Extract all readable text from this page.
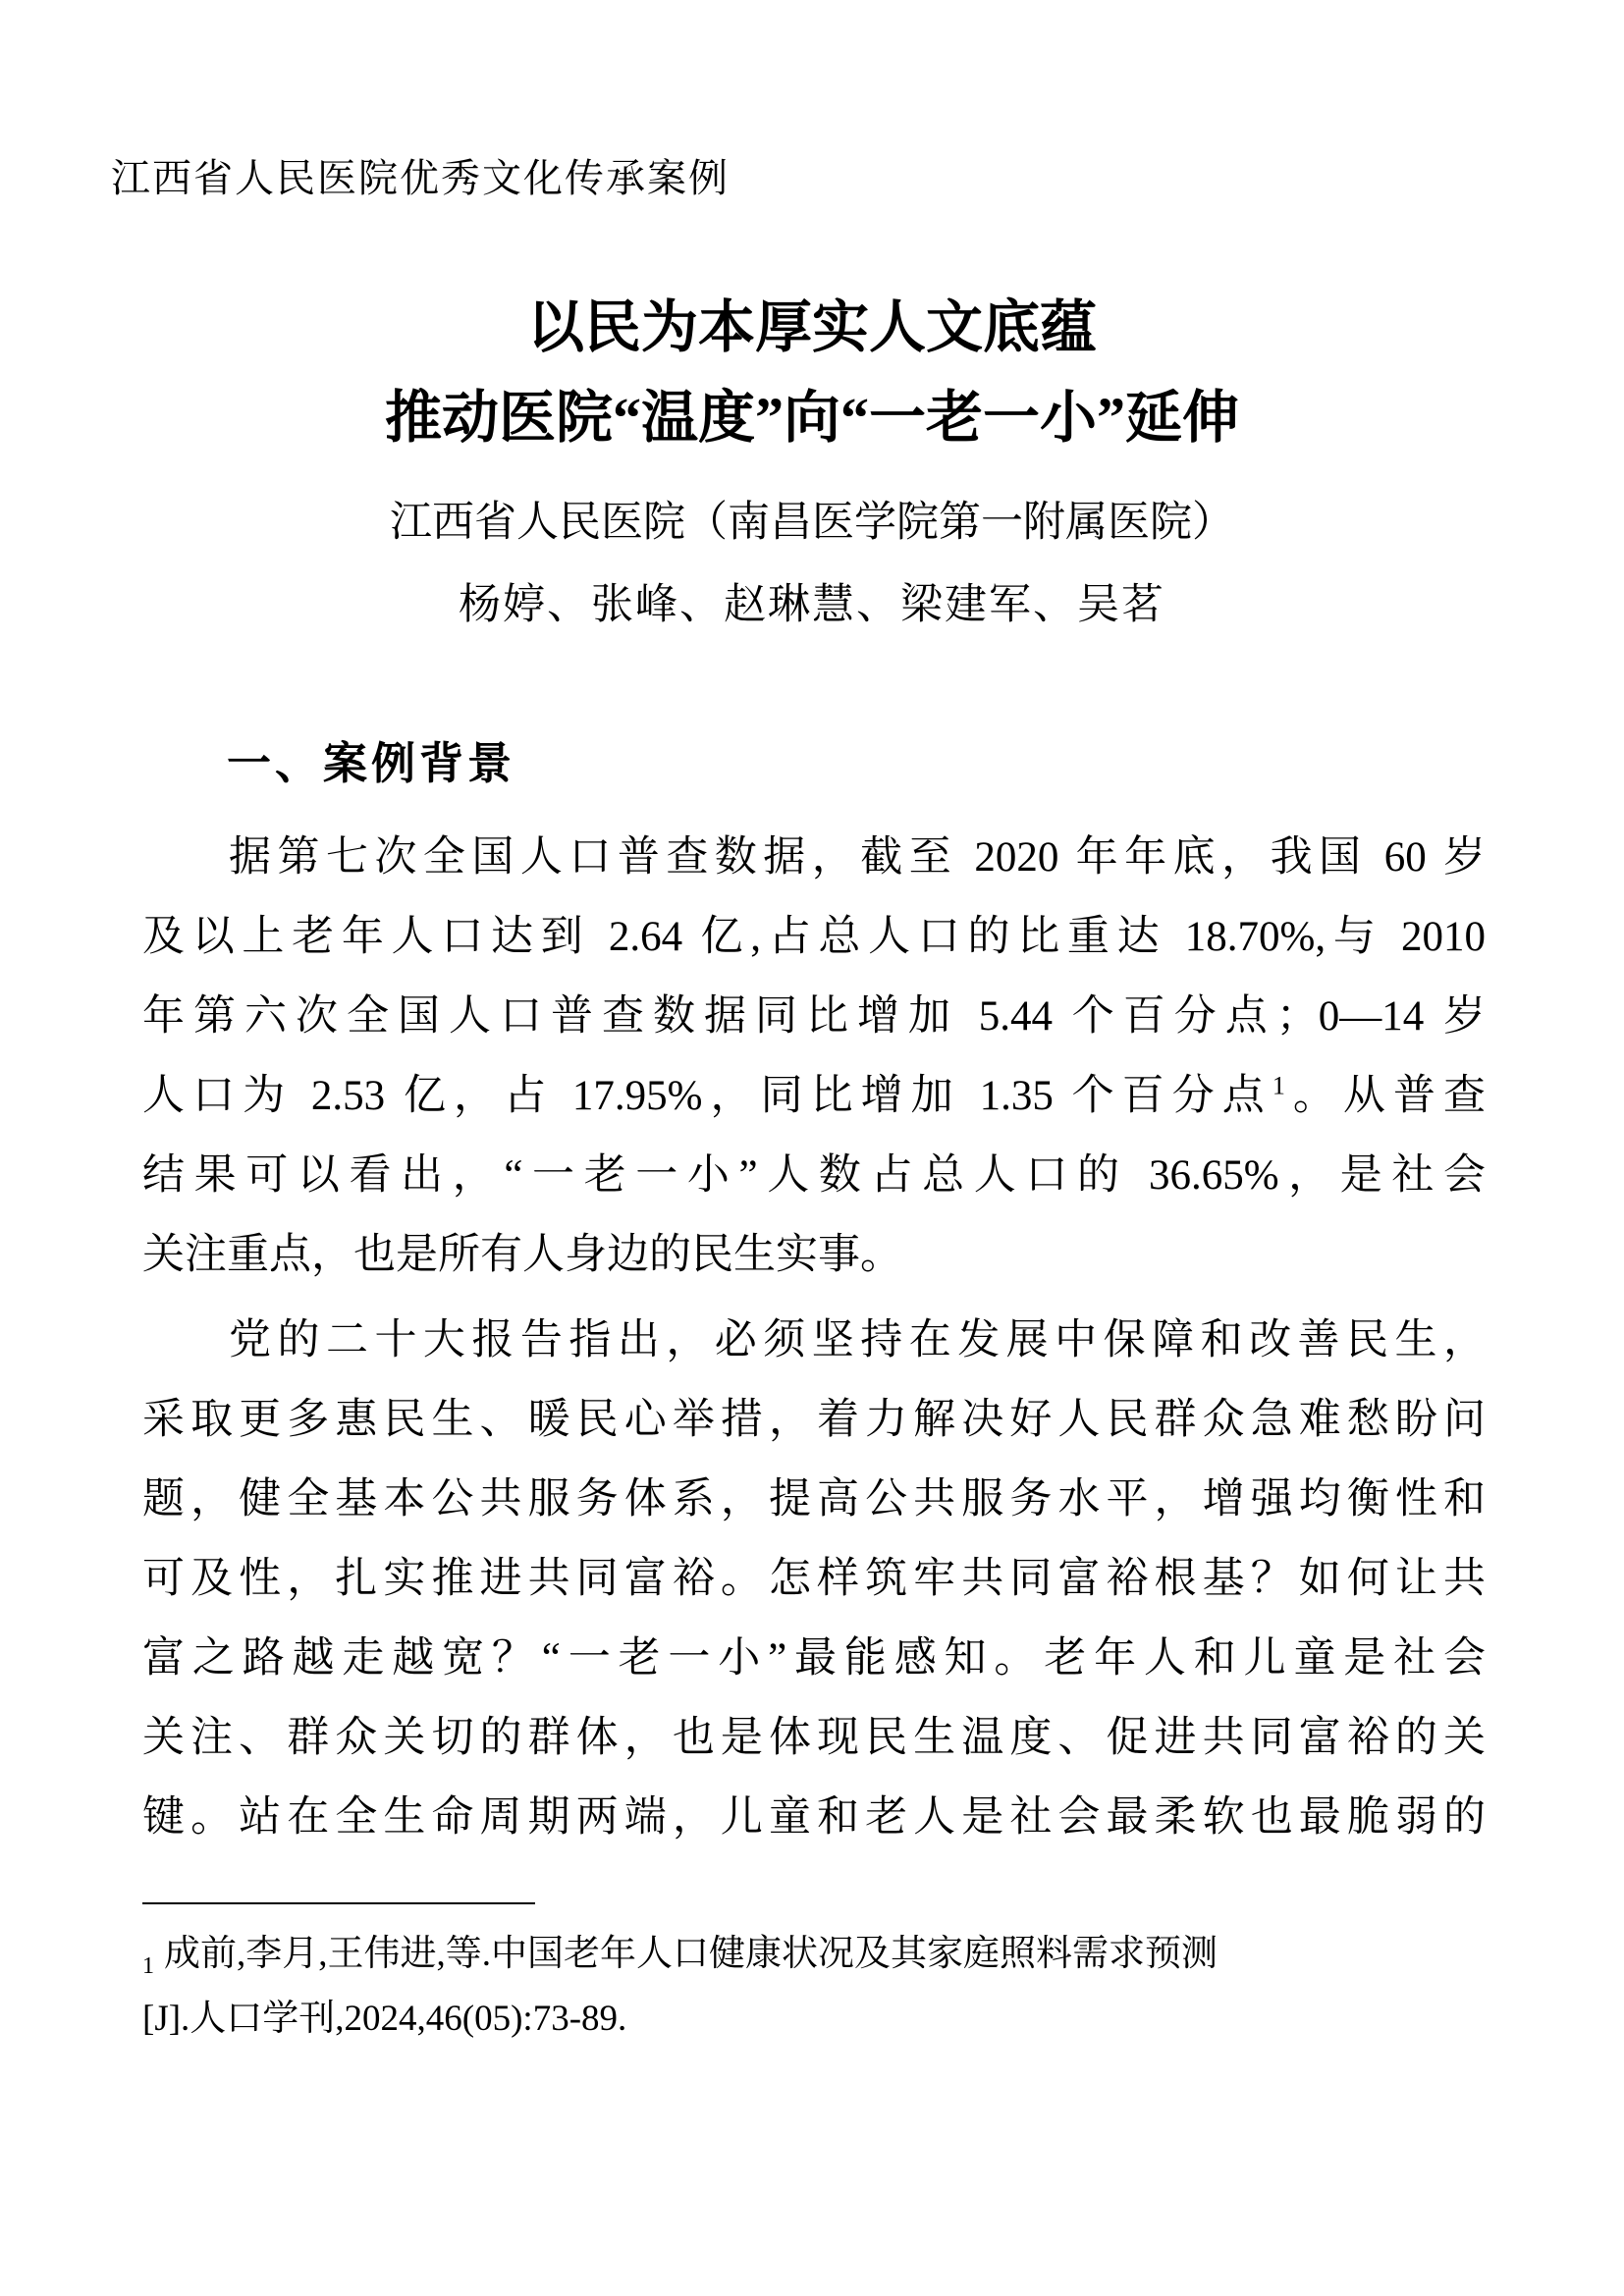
江西省人民医院优秀文化传承案例
以民为本厚实人文底蕴
推动医院“温度”向“一老一小”延伸
江西省人民医院（南昌医学院第一附属医院）
杨婷、张峰、赵琳慧、梁建军、吴茗
一、案例背景
据第七次全国人口普查数据，截至 2020 年年底，我国 60 岁
及以上老年人口达到 2.64 亿,占总人口的比重达 18.70%,与 2010
年第六次全国人口普查数据同比增加 5.44 个百分点；0—14 岁
人口为 2.53 亿，占 17.95%，同比增加 1.35 个百分点$^1$。从普查
结果可以看出，“一老一小”人数占总人口的 36.65%，是社会
关注重点，也是所有人身边的民生实事。
党的二十大报告指出，必须坚持在发展中保障和改善民生，
采取更多惠民生、暖民心举措，着力解决好人民群众急难愁盼问
题，健全基本公共服务体系，提高公共服务水平，增强均衡性和
可及性，扎实推进共同富裕。怎样筑牢共同富裕根基？如何让共
富之路越走越宽？“一老一小”最能感知。老年人和儿童是社会
关注、群众关切的群体，也是体现民生温度、促进共同富裕的关
键。站在全生命周期两端，儿童和老人是社会最柔软也最脆弱的
$^1$ 成前,李月,王伟进,等.中国老年人口健康状况及其家庭照料需求预测
[J].人口学刊,2024,46(05):73-89.
